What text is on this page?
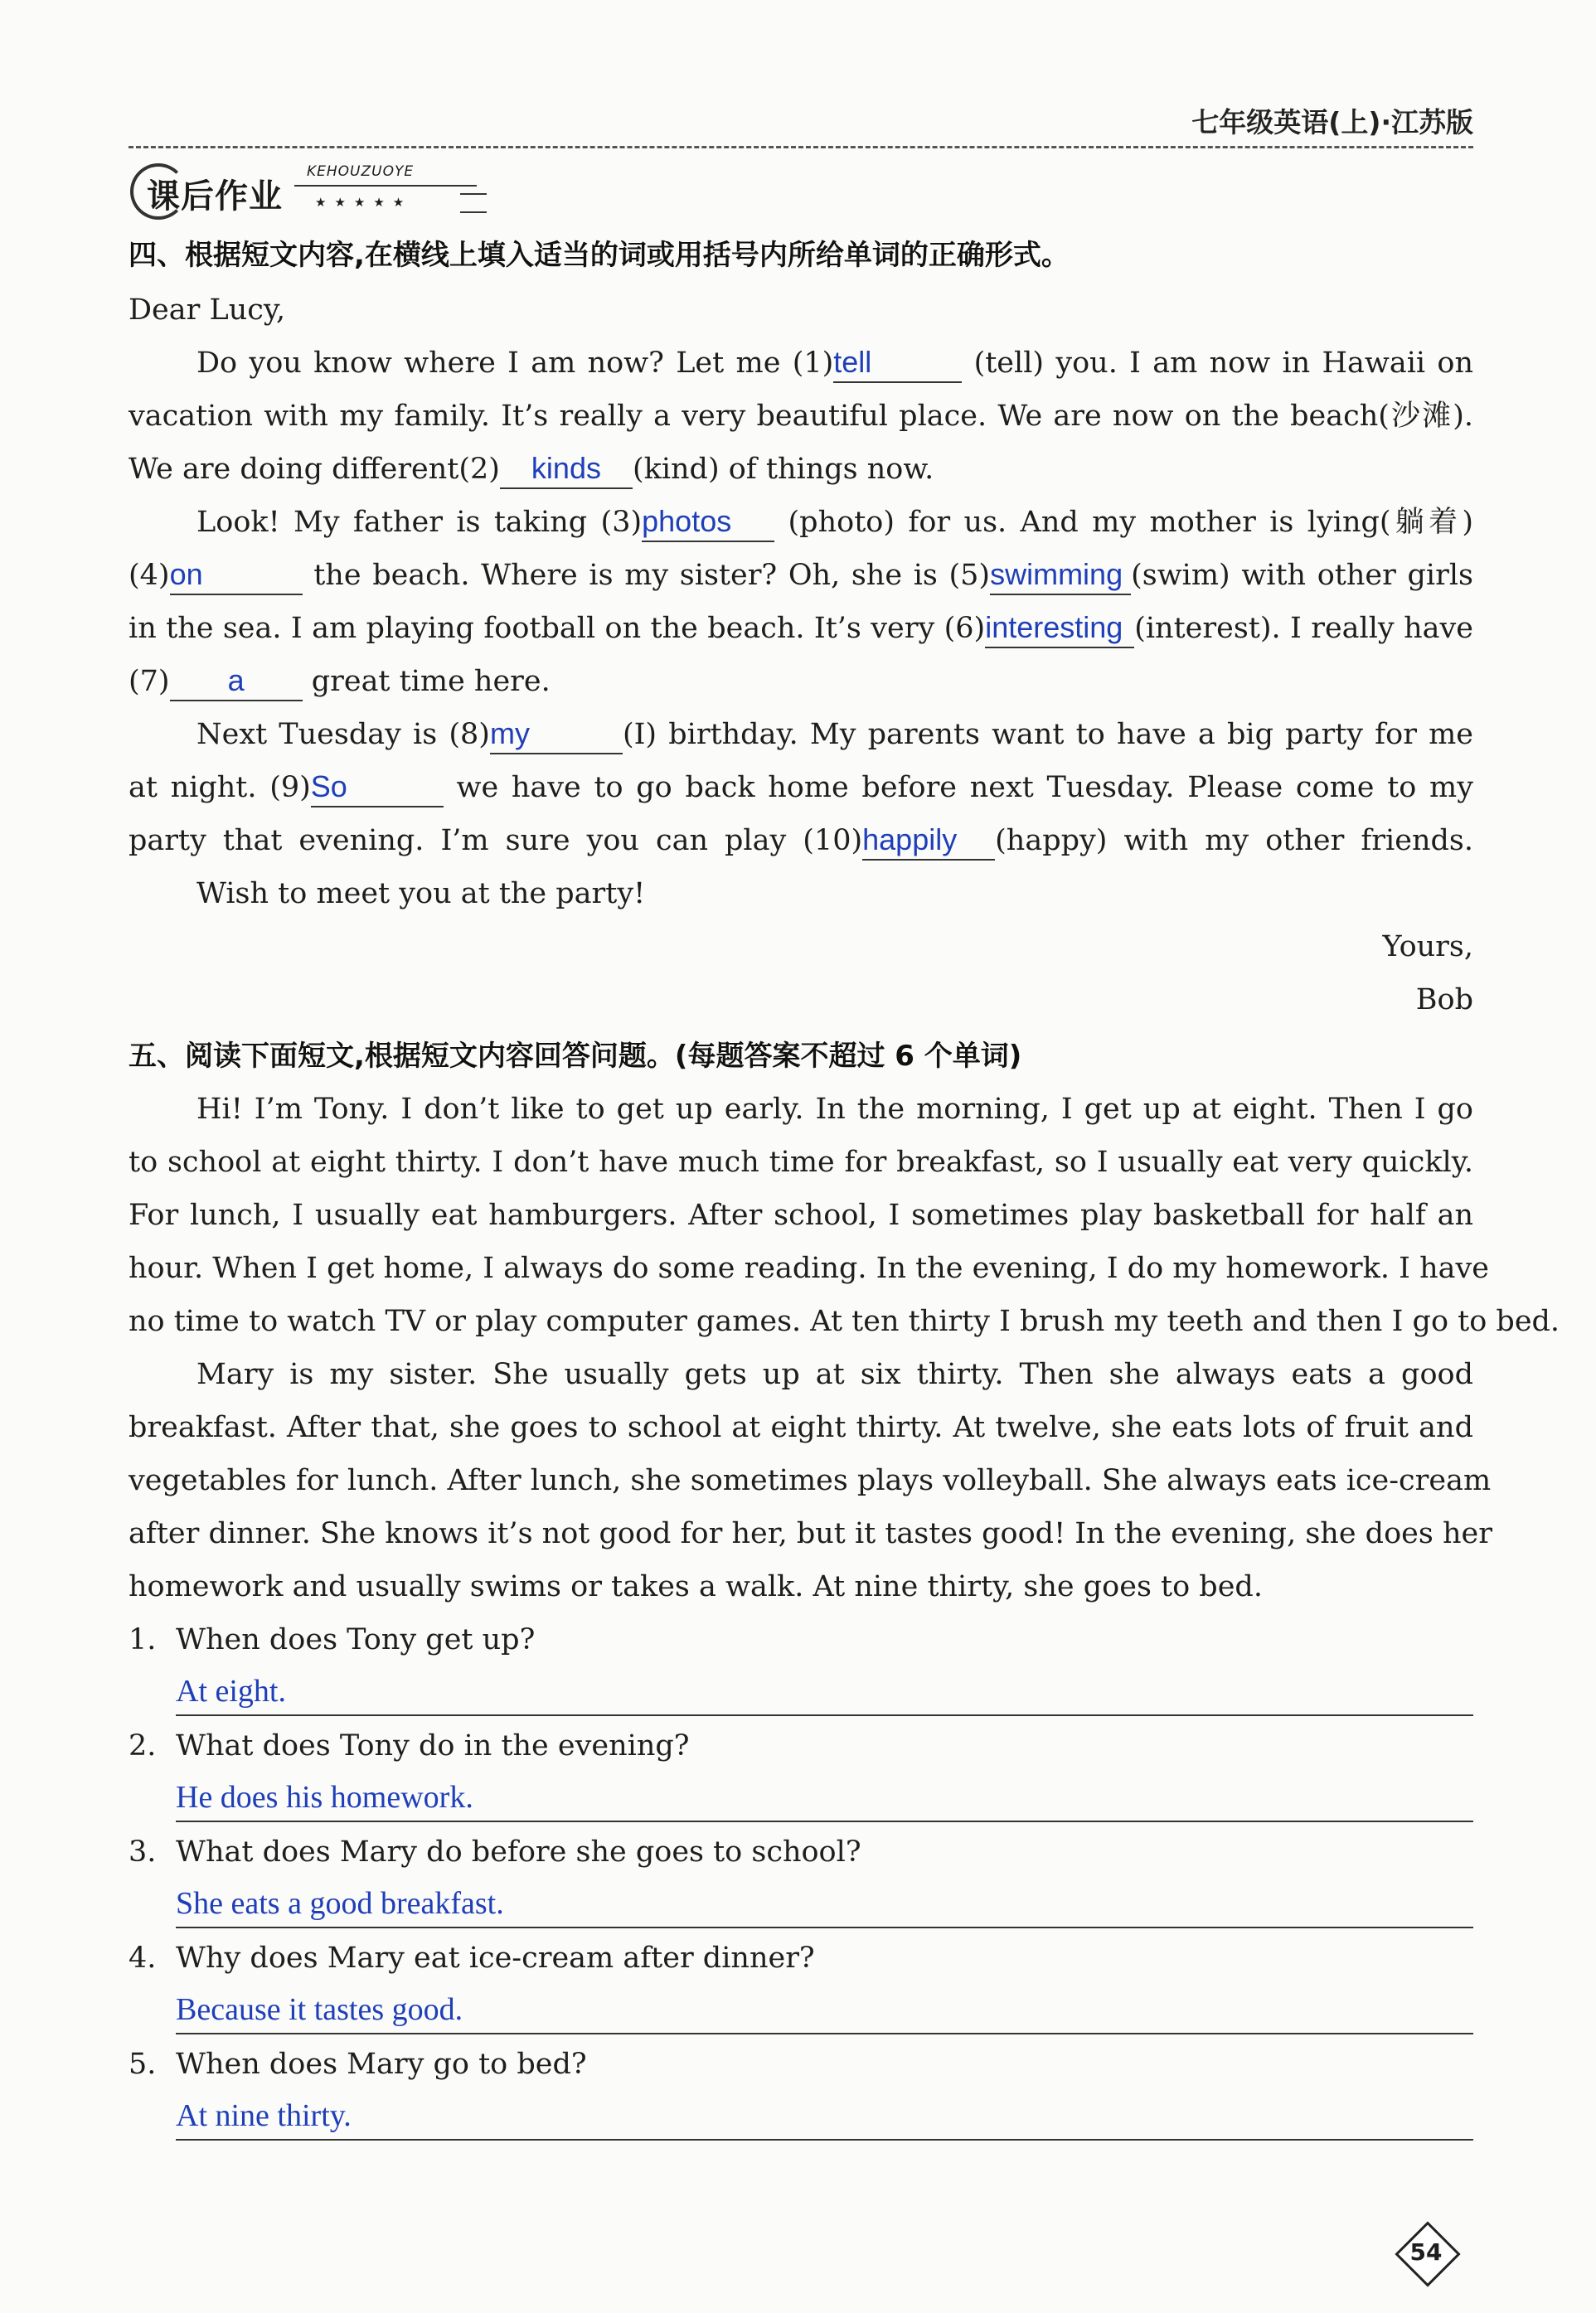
七年级英语(上)·江苏版
课后作业
KEHOUZUOYE
★★★★★
四、根据短文内容,在横线上填入适当的词或用括号内所给单词的正确形式。
Dear Lucy,
Do you know where I am now? Let me (1)tell	(tell) you. I am now in Hawaii on
vacation with my family. It’s really a very beautiful place. We are now on the beach(沙滩).
We are doing different(2) kinds (kind) of things now.
Look! My father is taking (3)photos (photo) for us. And my mother is lying(躺着)
(4)on	the beach. Where is my sister? Oh, she is (5)swimming (swim) with other girls
in the sea. I am playing football on the beach. It’s very (6)interesting (interest). I really have
(7) a great time here.
Next Tuesday is (8)my	(I) birthday. My parents want to have a big party for me
at night. (9)So	we have to go back home before next Tuesday. Please come to my
party that evening. I’m sure you can play (10)happily (happy) with my other friends.
Wish to meet you at the party!
Yours,
Bob
五、阅读下面短文,根据短文内容回答问题。(每题答案不超过 6 个单词)
Hi! I’m Tony. I don’t like to get up early. In the morning, I get up at eight. Then I go
to school at eight thirty. I don’t have much time for breakfast, so I usually eat very quickly.
For lunch, I usually eat hamburgers. After school, I sometimes play basketball for half an
hour. When I get home, I always do some reading. In the evening, I do my homework. I have
no time to watch TV or play computer games. At ten thirty I brush my teeth and then I go to bed.
Mary is my sister. She usually gets up at six thirty. Then she always eats a good
breakfast. After that, she goes to school at eight thirty. At twelve, she eats lots of fruit and
vegetables for lunch. After lunch, she sometimes plays volleyball. She always eats ice-cream
after dinner. She knows it’s not good for her, but it tastes good! In the evening, she does her
homework and usually swims or takes a walk. At nine thirty, she goes to bed.
1. When does Tony get up?
At eight.
2. What does Tony do in the evening?
He does his homework.
3. What does Mary do before she goes to school?
She eats a good breakfast.
4. Why does Mary eat ice-cream after dinner?
Because it tastes good.
5. When does Mary go to bed?
At nine thirty.
54
